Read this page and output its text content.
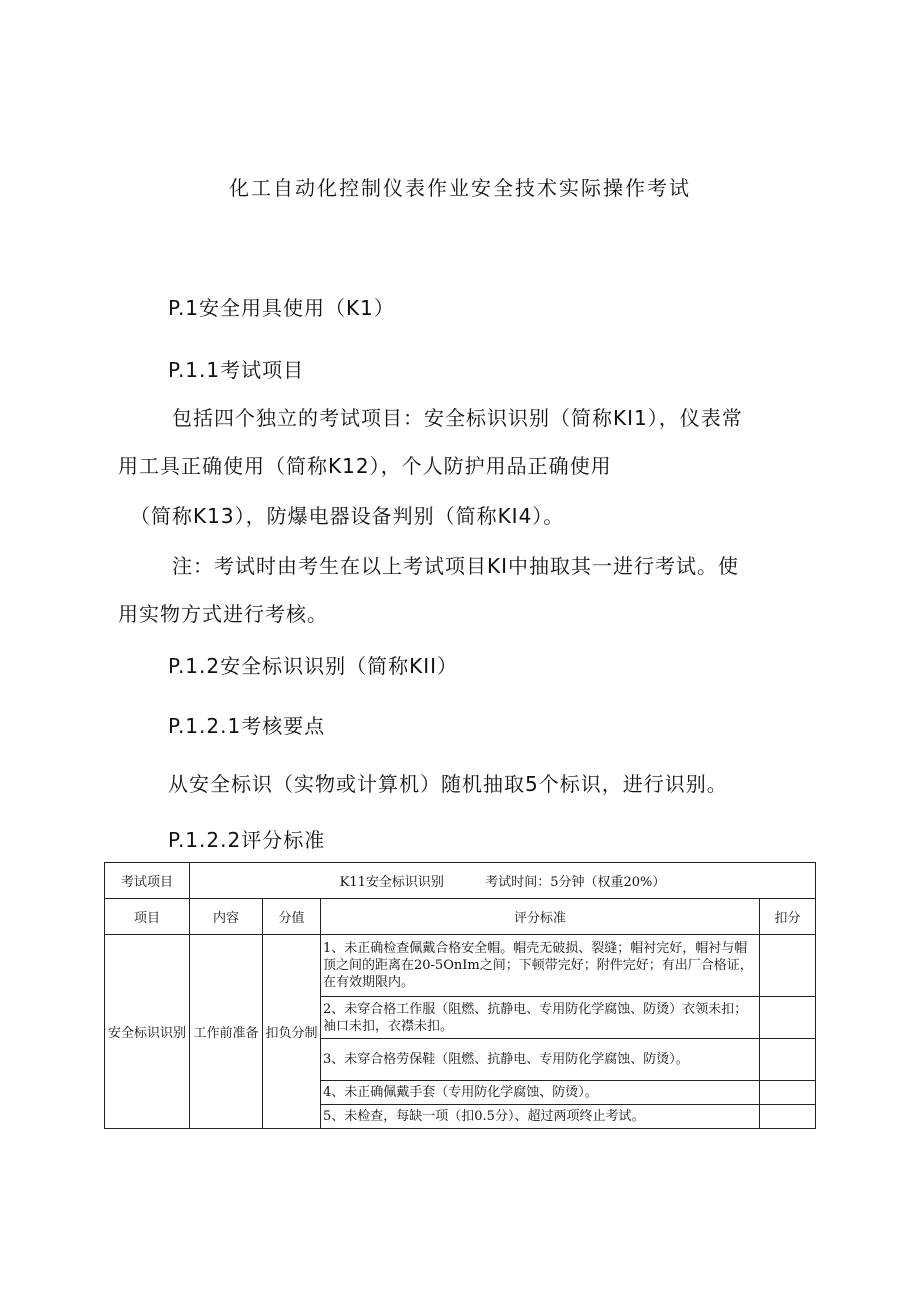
化工自动化控制仪表作业安全技术实际操作考试
P.1安全用具使用（K1）
P.1.1考试项目
包括四个独立的考试项目：安全标识识别（简称KI1），仪表常
用工具正确使用（简称K12），个人防护用品正确使用
（简称K13），防爆电器设备判别（简称KI4）。
注：考试时由考生在以上考试项目KI中抽取其一进行考试。使
用实物方式进行考核。
P.1.2安全标识识别（简称KII）
P.1.2.1考核要点
从安全标识（实物或计算机）随机抽取5个标识，进行识别。
P.1.2.2评分标准
考试项目	K11安全标识识别          考试时间：5分钟（权重20%）			
项目	内容	分值	评分标准	扣分
安全标识识别	工作前准备	扣负分制	1、未正确检查佩戴合格安全帽。帽壳无破损、裂缝；帽衬完好，帽衬与帽顶之间的距离在20-5OnIm之间；下顿带完好；附件完好；有出厂合格证，在有效期限内。	
			2、未穿合格工作服（阻燃、抗静电、专用防化学腐蚀、防烫）衣领未扣；袖口未扣，衣襟未扣。	
			3、未穿合格劳保鞋（阻燃、抗静电、专用防化学腐蚀、防烫）。	
			4、未正确佩戴手套（专用防化学腐蚀、防烫）。	
			5、未检查，每缺一项（扣0.5分）、超过两项终止考试。	
